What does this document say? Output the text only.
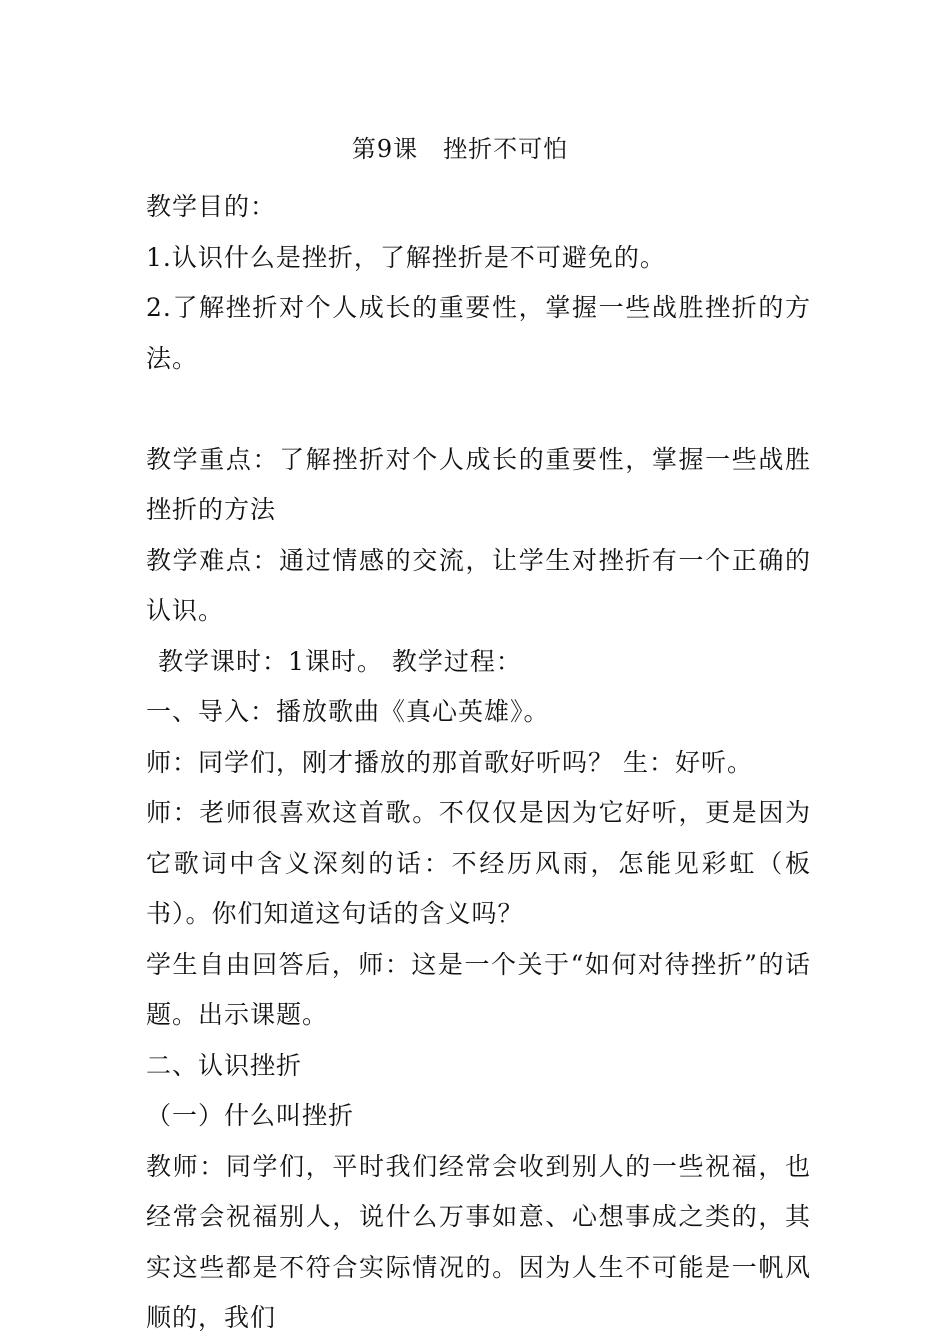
第9课　挫折不可怕

教学目的：

1.认识什么是挫折，了解挫折是不可避免的。

2.了解挫折对个人成长的重要性，掌握一些战胜挫折的方法。

教学重点：了解挫折对个人成长的重要性，掌握一些战胜挫折的方法

教学难点：通过情感的交流，让学生对挫折有一个正确的认识。

教学课时：1课时。 教学过程：

一、导入：播放歌曲《真心英雄》。

师：同学们，刚才播放的那首歌好听吗？ 生：好听。

师：老师很喜欢这首歌。不仅仅是因为它好听，更是因为它歌词中含义深刻的话：不经历风雨，怎能见彩虹（板书）。你们知道这句话的含义吗？

学生自由回答后，师：这是一个关于“如何对待挫折”的话题。出示课题。

二、认识挫折

（一）什么叫挫折

教师：同学们，平时我们经常会收到别人的一些祝福，也经常会祝福别人，说什么万事如意、心想事成之类的，其实这些都是不符合实际情况的。因为人生不可能是一帆风顺的，我们
